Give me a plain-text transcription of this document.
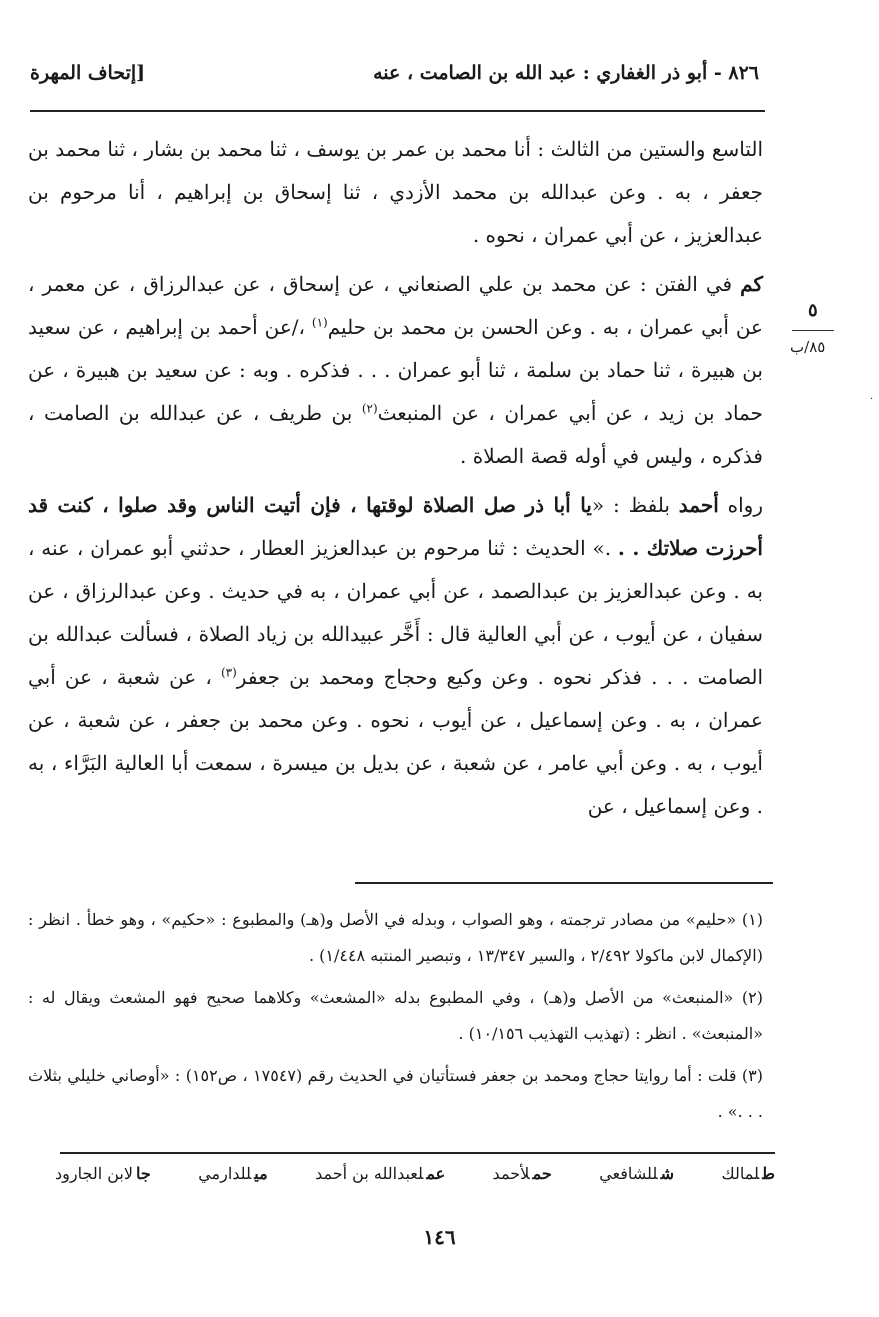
٨٢٦ - أبو ذر الغفاري : عبد الله بن الصامت ، عنه
[إتحاف المهرة
٥
٨٥/ب
·

التاسع والستين من الثالث : أنا محمد بن عمر بن يوسف ، ثنا محمد بن بشار ، ثنا محمد بن جعفر ، به . وعن عبدالله بن محمد الأزدي ، ثنا إسحاق بن إبراهيم ، أنا مرحوم بن عبدالعزيز ، عن أبي عمران ، نحوه .

كم في الفتن : عن محمد بن علي الصنعاني ، عن إسحاق ، عن عبدالرزاق ، عن معمر ، عن أبي عمران ، به . وعن الحسن بن محمد بن حليم$^{(١)}$ ،/عن أحمد بن إبراهيم ، عن سعيد بن هبيرة ، ثنا حماد بن سلمة ، ثنا أبو عمران . . . فذكره . وبه : عن سعيد بن هبيرة ، عن حماد بن زيد ، عن أبي عمران ، عن المنبعث$^{(٢)}$ بن طريف ، عن عبدالله بن الصامت ، فذكره ، وليس في أوله قصة الصلاة .

رواه أحمد بلفظ : «يا أبا ذر صل الصلاة لوقتها ، فإن أتيت الناس وقد صلوا ، كنت قد أحرزت صلاتك . . .» الحديث : ثنا مرحوم بن عبدالعزيز العطار ، حدثني أبو عمران ، عنه ، به . وعن عبدالعزيز بن عبدالصمد ، عن أبي عمران ، به في حديث . وعن عبدالرزاق ، عن سفيان ، عن أيوب ، عن أبي العالية قال : أَخَّر عبيدالله بن زياد الصلاة ، فسألت عبدالله بن الصامت . . . فذكر نحوه . وعن وكيع وحجاج ومحمد بن جعفر$^{(٣)}$ ، عن شعبة ، عن أبي عمران ، به . وعن إسماعيل ، عن أيوب ، نحوه . وعن محمد بن جعفر ، عن شعبة ، عن أيوب ، به . وعن أبي عامر ، عن شعبة ، عن بديل بن ميسرة ، سمعت أبا العالية البَرَّاء ، به . وعن إسماعيل ، عن

(١) «حليم» من مصادر ترجمته ، وهو الصواب ، وبدله في الأصل و(هـ) والمطبوع : «حكيم» ، وهو خطأ . انظر : (الإكمال لابن ماكولا ٢/٤٩٢ ، والسير ١٣/٣٤٧ ، وتبصير المنتبه ١/٤٤٨) .

(٢) «المنبعث» من الأصل و(هـ) ، وفي المطبوع بدله «المشعث» وكلاهما صحيح فهو المشعث ويقال له : «المنبعث» . انظر : (تهذيب التهذيب ١٠/١٥٦) .

(٣) قلت : أما روايتا حجاج ومحمد بن جعفر فستأتيان في الحديث رقم (١٧٥٤٧ ، ص١٥٢) : «أوصاني خليلي بثلاث . . .» .

طلمالك
شللشافعي
حملأحمد
عملعبدالله بن أحمد
ميللدارمي
جالابن الجارود
١٤٦
